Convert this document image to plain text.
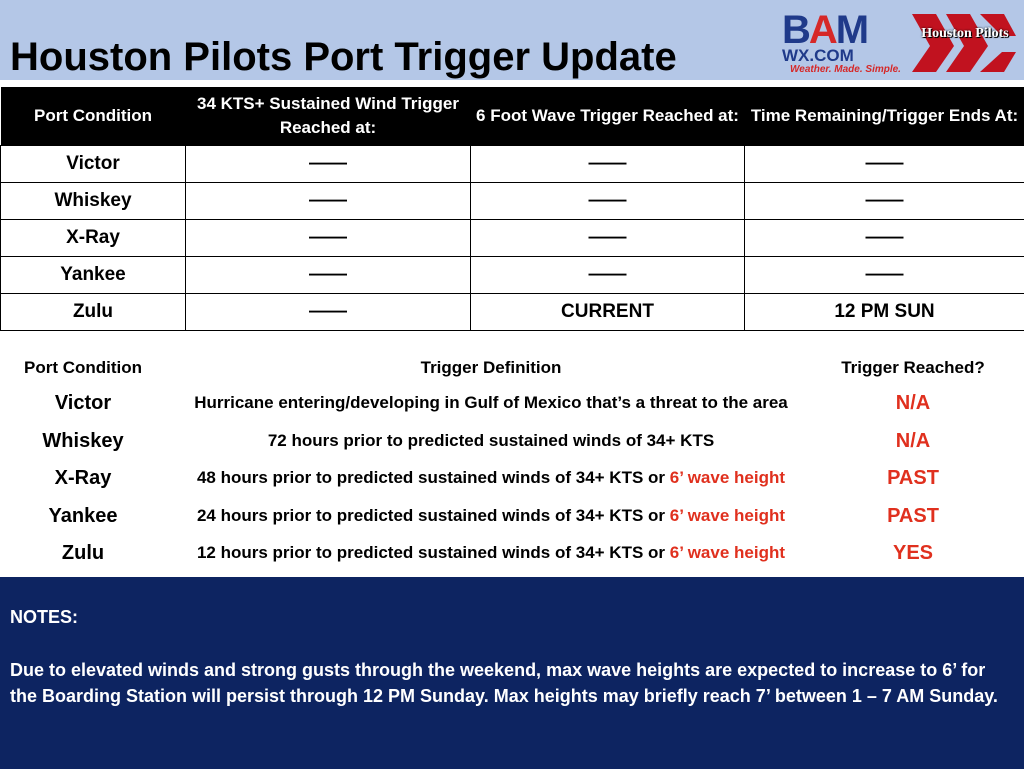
Houston Pilots Port Trigger Update
BAM
WX.COM
Weather. Made. Simple.
Houston Pilots
Port Condition	34 KTS+ Sustained Wind Trigger Reached at:	6 Foot Wave Trigger Reached at:	Time Remaining/Trigger Ends At:
Victor	——	——	——
Whiskey	——	——	——
X-Ray	——	——	——
Yankee	——	——	——
Zulu	——	CURRENT	12 PM SUN
Port Condition	Trigger Definition	Trigger Reached?
Victor	Hurricane entering/developing in Gulf of Mexico that’s a threat to the area	N/A
Whiskey	72 hours prior to predicted sustained winds of 34+ KTS	N/A
X-Ray	48 hours prior to predicted sustained winds of 34+ KTS or 6’ wave height	PAST
Yankee	24 hours prior to predicted sustained winds of 34+ KTS or 6’ wave height	PAST
Zulu	12 hours prior to predicted sustained winds of 34+ KTS or 6’ wave height	YES
NOTES:
Due to elevated winds and strong gusts through the weekend, max wave heights are expected to increase to 6’ for the Boarding Station will persist through 12 PM Sunday. Max heights may briefly reach 7’ between 1 – 7 AM Sunday.
